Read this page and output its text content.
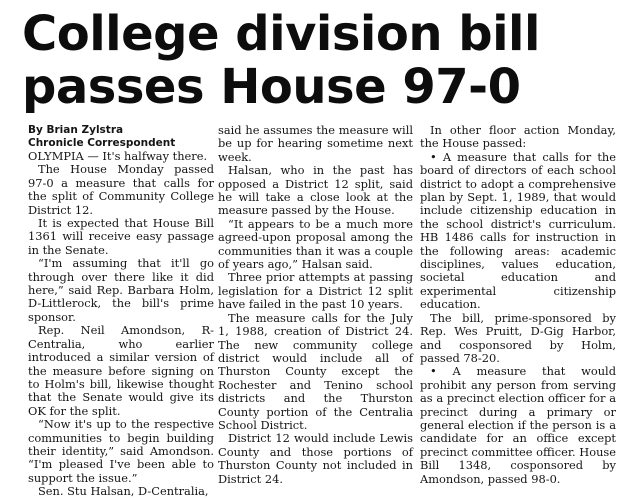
College division bill
passes House 97-0

By Brian Zylstra

Chronicle Correspondent

OLYMPIA — It's halfway there.

The House Monday passed 97-0 a measure that calls for the split of Community College District 12.

It is expected that House Bill 1361 will receive easy passage in the Senate.

“I'm assuming that it'll go through over there like it did here,” said Rep. Barbara Holm, D-Littlerock, the bill's prime sponsor.

Rep. Neil Amondson, R-Centralia, who earlier introduced a similar version of the measure before signing on to Holm's bill, likewise thought that the Senate would give its OK for the split.

“Now it's up to the respective communities to begin building their identity,” said Amondson. “I'm pleased I've been able to support the issue.”

Sen. Stu Halsan, D-Centralia,

said he assumes the measure will be up for hearing sometime next week.

Halsan, who in the past has opposed a District 12 split, said he will take a close look at the measure passed by the House.

“It appears to be a much more agreed-upon proposal among the communities than it was a couple of years ago,” Halsan said.

Three prior attempts at passing legislation for a District 12 split have failed in the past 10 years.

The measure calls for the July 1, 1988, creation of District 24. The new community college district would include all of Thurston County except the Rochester and Tenino school districts and the Thurston County portion of the Centralia School District.

District 12 would include Lewis County and those portions of Thurston County not included in District 24.

In other floor action Monday, the House passed:

• A measure that calls for the board of directors of each school district to adopt a comprehensive plan by Sept. 1, 1989, that would include citizenship education in the school district's curriculum. HB 1486 calls for instruction in the following areas: academic disciplines, values education, societal education and experimental citizenship education.

The bill, prime-sponsored by Rep. Wes Pruitt, D-Gig Harbor, and cosponsored by Holm, passed 78-20.

• A measure that would prohibit any person from serving as a precinct election officer for a precinct during a primary or general election if the person is a candidate for an office except precinct committee officer. House Bill 1348, cosponsored by Amondson, passed 98-0.
